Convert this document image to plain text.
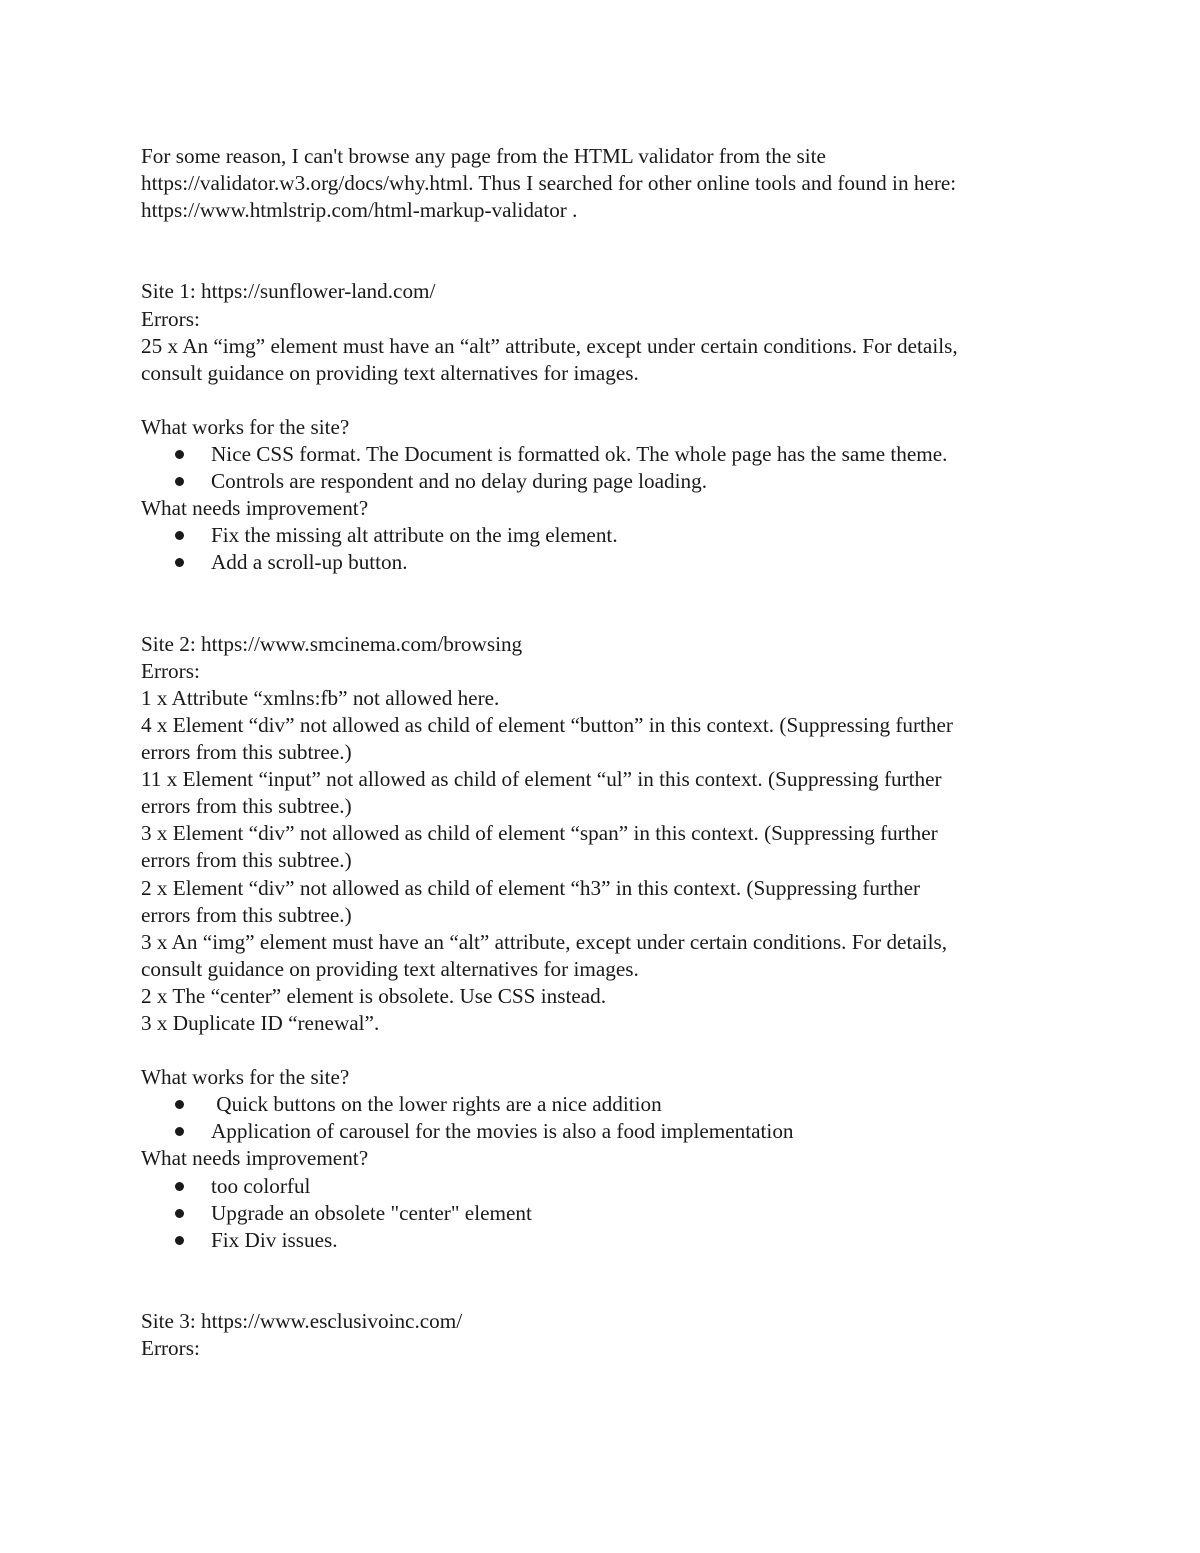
For some reason, I can't browse any page from the HTML validator from the site
https://validator.w3.org/docs/why.html. Thus I searched for other online tools and found in here:
https://www.htmlstrip.com/html-markup-validator .

Site 1: https://sunflower-land.com/
Errors:
25 x An “img” element must have an “alt” attribute, except under certain conditions. For details,
consult guidance on providing text alternatives for images.
What works for the site?
Nice CSS format. The Document is formatted ok. The whole page has the same theme.
Controls are respondent and no delay during page loading.
What needs improvement?
Fix the missing alt attribute on the img element.
Add a scroll-up button.
Site 2: https://www.smcinema.com/browsing
Errors:
1 x Attribute “xmlns:fb” not allowed here.
4 x Element “div” not allowed as child of element “button” in this context. (Suppressing further
errors from this subtree.)
11 x Element “input” not allowed as child of element “ul” in this context. (Suppressing further
errors from this subtree.)
3 x Element “div” not allowed as child of element “span” in this context. (Suppressing further
errors from this subtree.)
2 x Element “div” not allowed as child of element “h3” in this context. (Suppressing further
errors from this subtree.)
3 x An “img” element must have an “alt” attribute, except under certain conditions. For details,
consult guidance on providing text alternatives for images.
2 x The “center” element is obsolete. Use CSS instead.
3 x Duplicate ID “renewal”.
What works for the site?
Quick buttons on the lower rights are a nice addition
Application of carousel for the movies is also a food implementation
What needs improvement?
too colorful
Upgrade an obsolete "center" element
Fix Div issues.
Site 3: https://www.esclusivoinc.com/
Errors:
